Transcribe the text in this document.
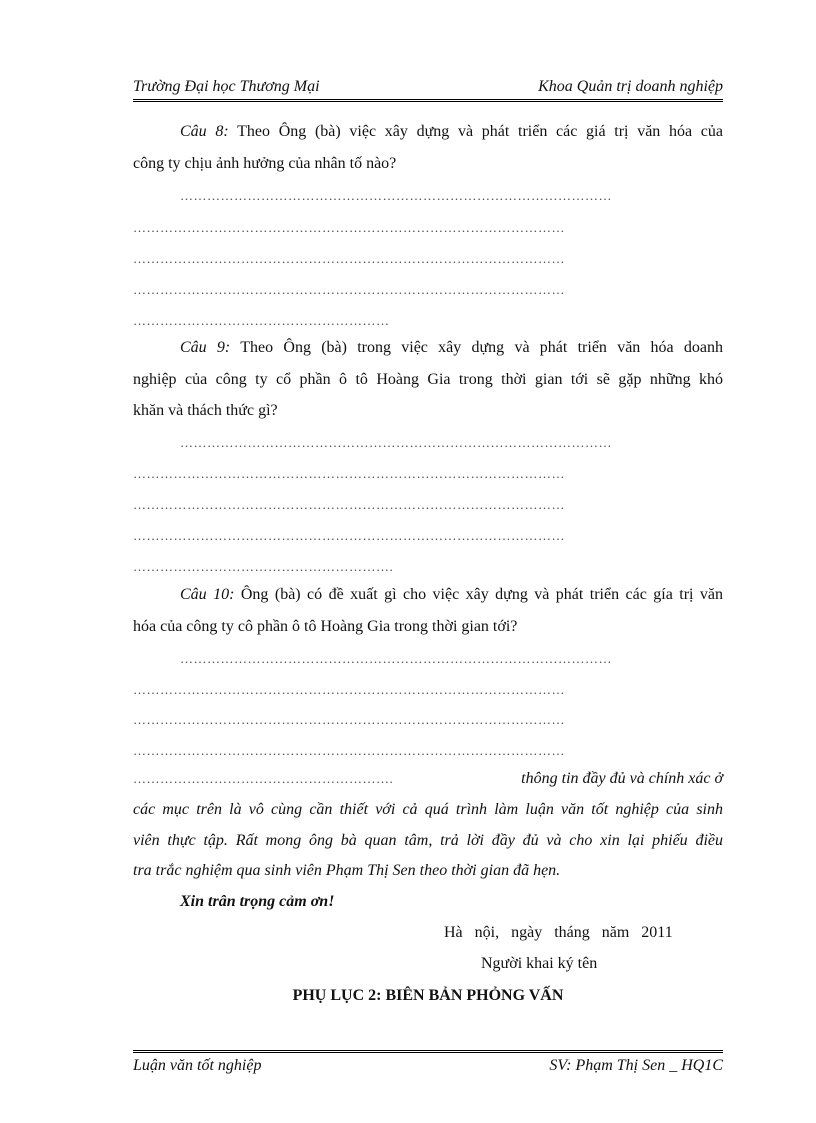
Trường Đại học Thương Mại	Khoa Quản trị doanh nghiệp
Câu 8: Theo Ông (bà) việc xây dựng và phát triển các giá trị văn hóa của
công ty chịu ảnh hưởng của nhân tố nào?
……………………………………………………………………………………
……………………………………………………………………………………
……………………………………………………………………………………
……………………………………………………………………………………
…………………………………………………
Câu 9: Theo Ông (bà) trong việc xây dựng và phát triển văn hóa doanh
nghiệp của công ty cổ phần ô tô Hoàng Gia trong thời gian tới sẽ gặp những khó
khăn và thách thức gì?
……………………………………………………………………………………
……………………………………………………………………………………
……………………………………………………………………………………
……………………………………………………………………………………
………………………………………………….
Câu 10: Ông (bà) có đề xuất gì cho việc xây dựng và phát triển các gía trị văn
hóa của công ty cô phần ô tô Hoàng Gia trong thời gian tới?
……………………………………………………………………………………
……………………………………………………………………………………
……………………………………………………………………………………
……………………………………………………………………………………
………………………………………………….	thông tin đầy đủ và chính xác ở
các mục trên là vô cùng cần thiết với cả quá trình làm luận văn tốt nghiệp của sinh
viên thực tập. Rất mong ông bà quan tâm, trả lời đầy đủ và cho xin lại phiếu điều
tra trắc nghiệm qua sinh viên Phạm Thị Sen theo thời gian đã hẹn.
Xin trân trọng cảm ơn!
Hà nội, ngày tháng năm 2011
Người khai ký tên
PHỤ LỤC 2: BIÊN BẢN PHỎNG VẤN
Luận văn tốt nghiệp	SV: Phạm Thị Sen _ HQ1C
